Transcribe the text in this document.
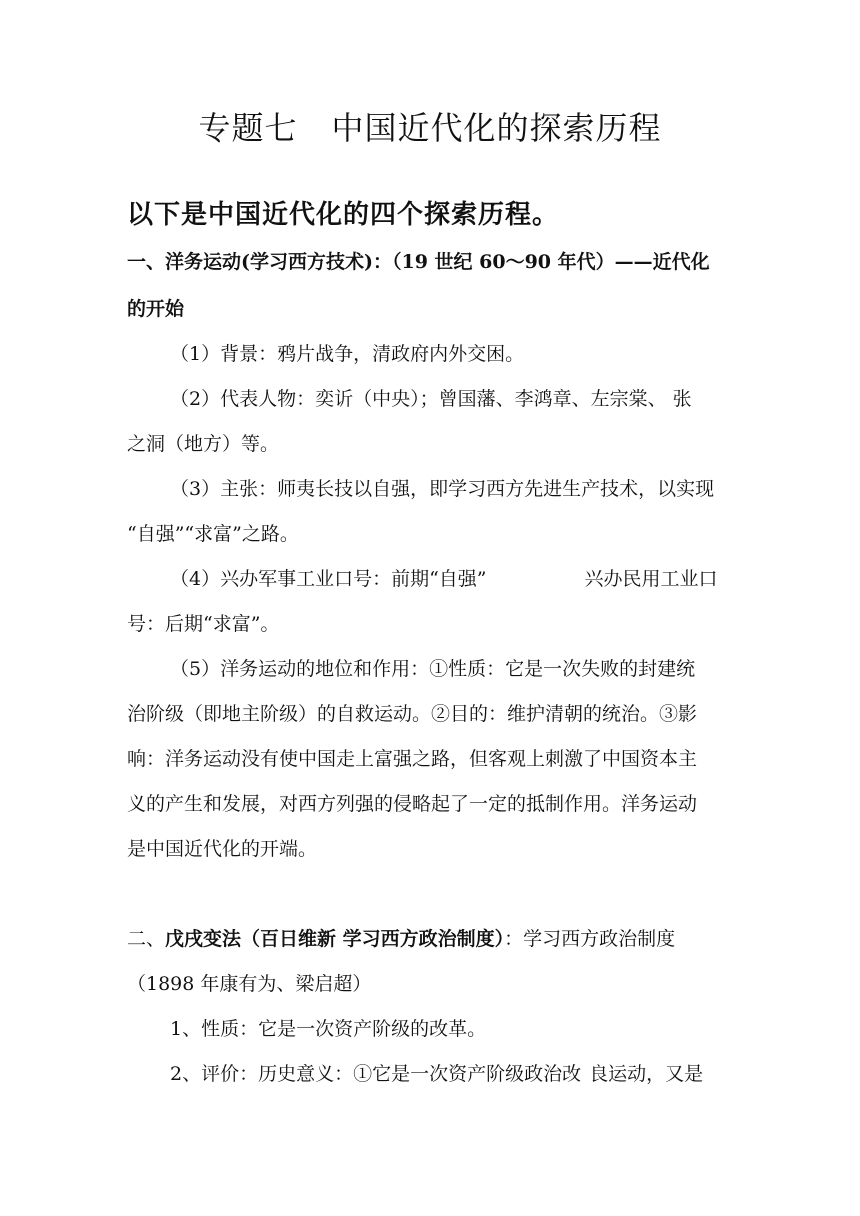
专题七 中国近代化的探索历程
以下是中国近代化的四个探索历程。
一、洋务运动(学习西方技术)：（19 世纪 60～90 年代）——近代化
的开始
（1）背景：鸦片战争，清政府内外交困。
（2）代表人物：奕䜣（中央）；曾国藩、李鸿章、左宗棠、 张
之洞（地方）等。
（3）主张：师夷长技以自强，即学习西方先进生产技术，以实现
“自强”“求富”之路。
（4）兴办军事工业口号：前期“自强”	兴办民用工业口
号：后期“求富”。
（5）洋务运动的地位和作用：①性质：它是一次失败的封建统
治阶级（即地主阶级）的自救运动。②目的：维护清朝的统治。③影
响：洋务运动没有使中国走上富强之路，但客观上刺激了中国资本主
义的产生和发展，对西方列强的侵略起了一定的抵制作用。洋务运动
是中国近代化的开端。
二、戊戌变法（百日维新 学习西方政治制度）：学习西方政治制度
（1898 年康有为、梁启超）
1、性质：它是一次资产阶级的改革。
2、评价：历史意义：①它是一次资产阶级政治改 良运动，又是
